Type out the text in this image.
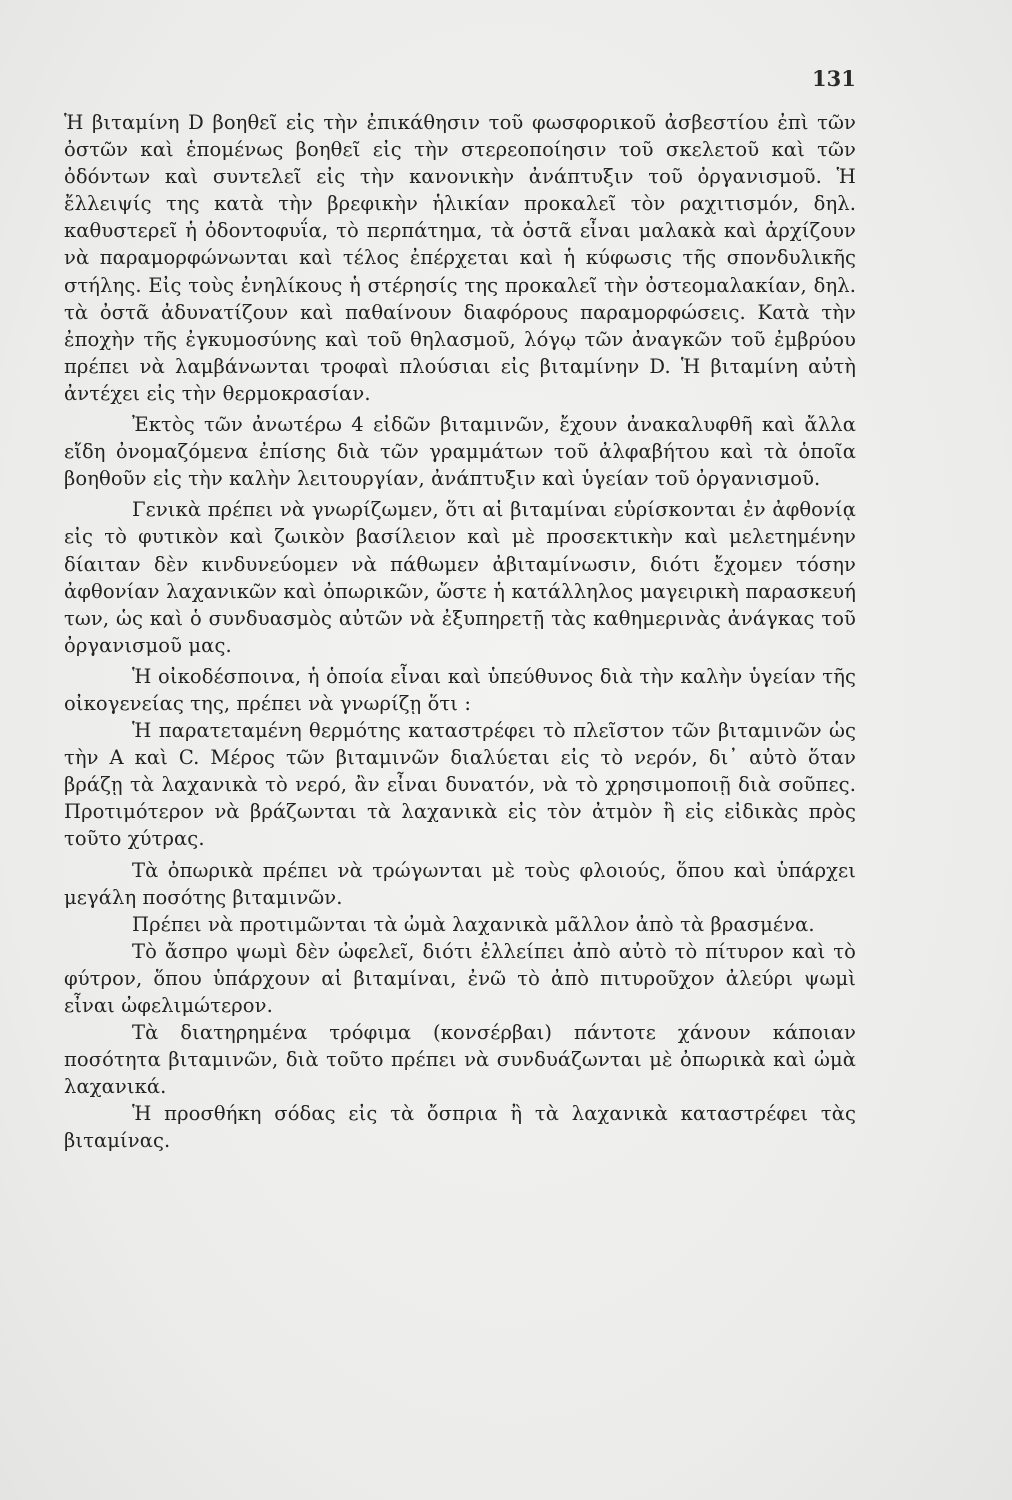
131

Ἡ βιταμίνη D βοηθεῖ εἰς τὴν ἐπικάθησιν τοῦ φωσφορικοῦ ἀσβεστίου ἐπὶ τῶν ὀστῶν καὶ ἑπομένως βοηθεῖ εἰς τὴν στερεοποίησιν τοῦ σκελετοῦ καὶ τῶν ὀδόντων καὶ συντελεῖ εἰς τὴν κανονικὴν ἀνάπτυξιν τοῦ ὀργανισμοῦ. Ἡ ἔλλειψίς της κατὰ τὴν βρεφικὴν ἡλικίαν προκαλεῖ τὸν ραχιτισμόν, δηλ. καθυστερεῖ ἡ ὀδοντοφυΐα, τὸ περπάτημα, τὰ ὀστᾶ εἶναι μαλακὰ καὶ ἀρχίζουν νὰ παραμορφώνωνται καὶ τέλος ἐπέρχεται καὶ ἡ κύφωσις τῆς σπονδυλικῆς στήλης. Εἰς τοὺς ἐνηλίκους ἡ στέρησίς της προκαλεῖ τὴν ὀστεομαλακίαν, δηλ. τὰ ὀστᾶ ἀδυνατίζουν καὶ παθαίνουν διαφόρους παραμορφώσεις. Κατὰ τὴν ἐποχὴν τῆς ἐγκυμοσύνης καὶ τοῦ θηλασμοῦ, λόγῳ τῶν ἀναγκῶν τοῦ ἐμβρύου πρέπει νὰ λαμβάνωνται τροφαὶ πλούσιαι εἰς βιταμίνην D. Ἡ βιταμίνη αὐτὴ ἀντέχει εἰς τὴν θερμοκρασίαν.

Ἐκτὸς τῶν ἀνωτέρω 4 εἰδῶν βιταμινῶν, ἔχουν ἀνακαλυφθῆ καὶ ἄλλα εἴδη ὀνομαζόμενα ἐπίσης διὰ τῶν γραμμάτων τοῦ ἀλφαβήτου καὶ τὰ ὁποῖα βοηθοῦν εἰς τὴν καλὴν λειτουργίαν, ἀνάπτυξιν καὶ ὑγείαν τοῦ ὀργανισμοῦ.

Γενικὰ πρέπει νὰ γνωρίζωμεν, ὅτι αἱ βιταμίναι εὑρίσκονται ἐν ἀφθονίᾳ εἰς τὸ φυτικὸν καὶ ζωικὸν βασίλειον καὶ μὲ προσεκτικὴν καὶ μελετημένην δίαιταν δὲν κινδυνεύομεν νὰ πάθωμεν ἀβιταμίνωσιν, διότι ἔχομεν τόσην ἀφθονίαν λαχανικῶν καὶ ὀπωρικῶν, ὥστε ἡ κατάλληλος μαγειρικὴ παρασκευή των, ὡς καὶ ὁ συνδυασμὸς αὐτῶν νὰ ἐξυπηρετῇ τὰς καθημερινὰς ἀνάγκας τοῦ ὀργανισμοῦ μας.

Ἡ οἰκοδέσποινα, ἡ ὁποία εἶναι καὶ ὑπεύθυνος διὰ τὴν καλὴν ὑγείαν τῆς οἰκογενείας της, πρέπει νὰ γνωρίζῃ ὅτι :

Ἡ παρατεταμένη θερμότης καταστρέφει τὸ πλεῖστον τῶν βιταμινῶν ὡς τὴν Α καὶ C. Μέρος τῶν βιταμινῶν διαλύεται εἰς τὸ νερόν, δι᾽ αὐτὸ ὅταν βράζῃ τὰ λαχανικὰ τὸ νερό, ἂν εἶναι δυνατόν, νὰ τὸ χρησιμοποιῇ διὰ σοῦπες. Προτιμότερον νὰ βράζωνται τὰ λαχανικὰ εἰς τὸν ἀτμὸν ἢ εἰς εἰδικὰς πρὸς τοῦτο χύτρας.

Τὰ ὀπωρικὰ πρέπει νὰ τρώγωνται μὲ τοὺς φλοιούς, ὅπου καὶ ὑπάρχει μεγάλη ποσότης βιταμινῶν.

Πρέπει νὰ προτιμῶνται τὰ ὠμὰ λαχανικὰ μᾶλλον ἀπὸ τὰ βρασμένα.

Τὸ ἄσπρο ψωμὶ δὲν ὠφελεῖ, διότι ἐλλείπει ἀπὸ αὐτὸ τὸ πίτυρον καὶ τὸ φύτρον, ὅπου ὑπάρχουν αἱ βιταμίναι, ἐνῶ τὸ ἀπὸ πιτυροῦχον ἀλεύρι ψωμὶ εἶναι ὠφελιμώτερον.

Τὰ διατηρημένα τρόφιμα (κονσέρβαι) πάντοτε χάνουν κάποιαν ποσότητα βιταμινῶν, διὰ τοῦτο πρέπει νὰ συνδυάζωνται μὲ ὀπωρικὰ καὶ ὠμὰ λαχανικά.

Ἡ προσθήκη σόδας εἰς τὰ ὄσπρια ἢ τὰ λαχανικὰ καταστρέφει τὰς βιταμίνας.
